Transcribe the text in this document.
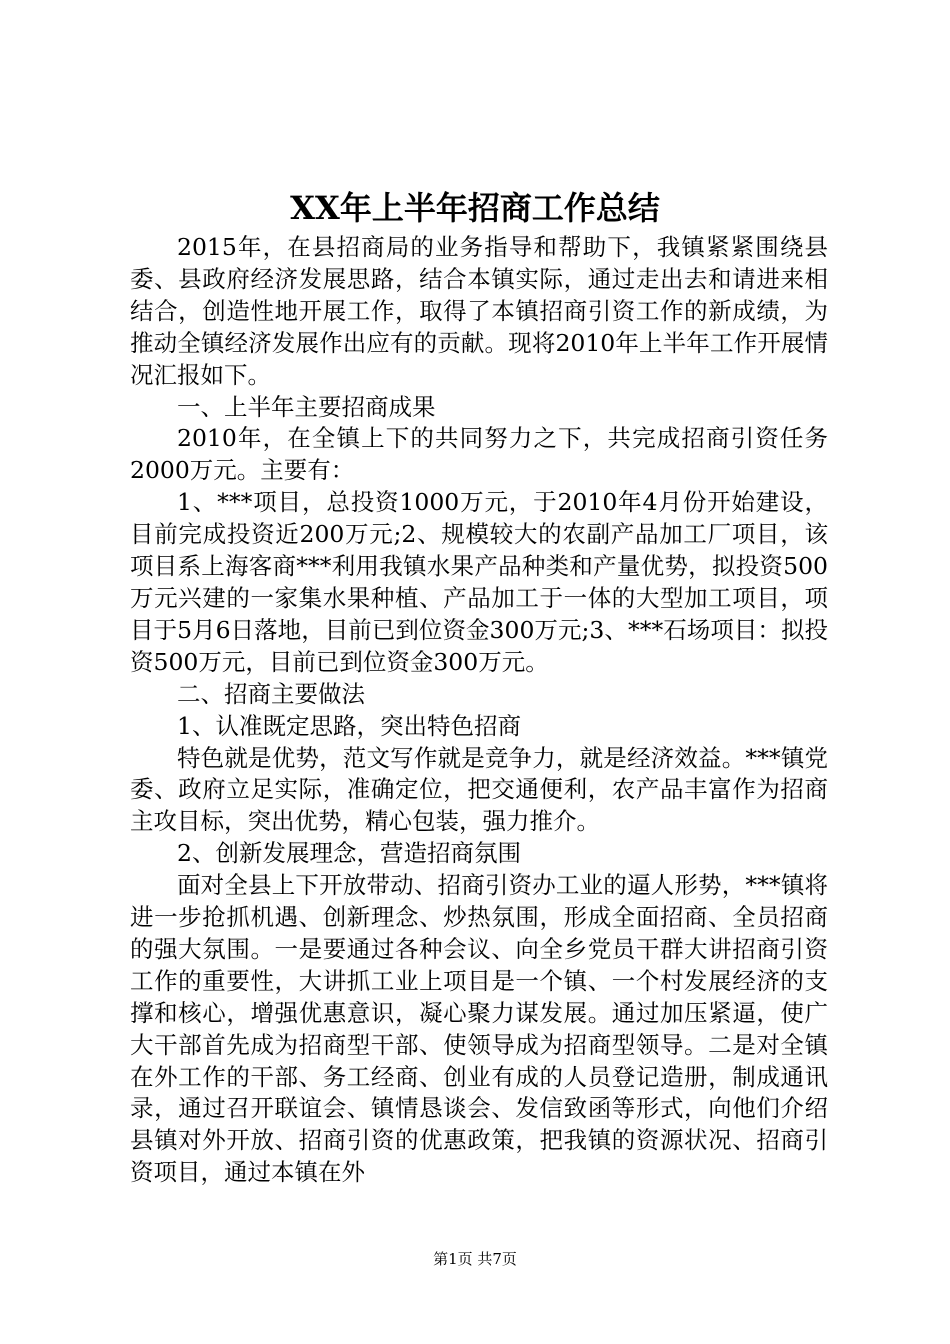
XX年上半年招商工作总结

2015年，在县招商局的业务指导和帮助下，我镇紧紧围绕县委、县政府经济发展思路，结合本镇实际，通过走出去和请进来相结合，创造性地开展工作，取得了本镇招商引资工作的新成绩，为推动全镇经济发展作出应有的贡献。现将2010年上半年工作开展情况汇报如下。

一、上半年主要招商成果

2010年，在全镇上下的共同努力之下，共完成招商引资任务2000万元。主要有：

1、***项目，总投资1000万元，于2010年4月份开始建设，目前完成投资近200万元;2、规模较大的农副产品加工厂项目，该项目系上海客商***利用我镇水果产品种类和产量优势，拟投资500万元兴建的一家集水果种植、产品加工于一体的大型加工项目，项目于5月6日落地，目前已到位资金300万元;3、***石场项目：拟投资500万元，目前已到位资金300万元。

二、招商主要做法

1、认准既定思路，突出特色招商

特色就是优势，范文写作就是竞争力，就是经济效益。***镇党委、政府立足实际，准确定位，把交通便利，农产品丰富作为招商主攻目标，突出优势，精心包装，强力推介。

2、创新发展理念，营造招商氛围

面对全县上下开放带动、招商引资办工业的逼人形势，***镇将进一步抢抓机遇、创新理念、炒热氛围，形成全面招商、全员招商的强大氛围。一是要通过各种会议、向全乡党员干群大讲招商引资工作的重要性，大讲抓工业上项目是一个镇、一个村发展经济的支撑和核心，增强优惠意识，凝心聚力谋发展。通过加压紧逼，使广大干部首先成为招商型干部、使领导成为招商型领导。二是对全镇在外工作的干部、务工经商、创业有成的人员登记造册，制成通讯录，通过召开联谊会、镇情恳谈会、发信致函等形式，向他们介绍县镇对外开放、招商引资的优惠政策，把我镇的资源状况、招商引资项目，通过本镇在外

第1页 共7页
